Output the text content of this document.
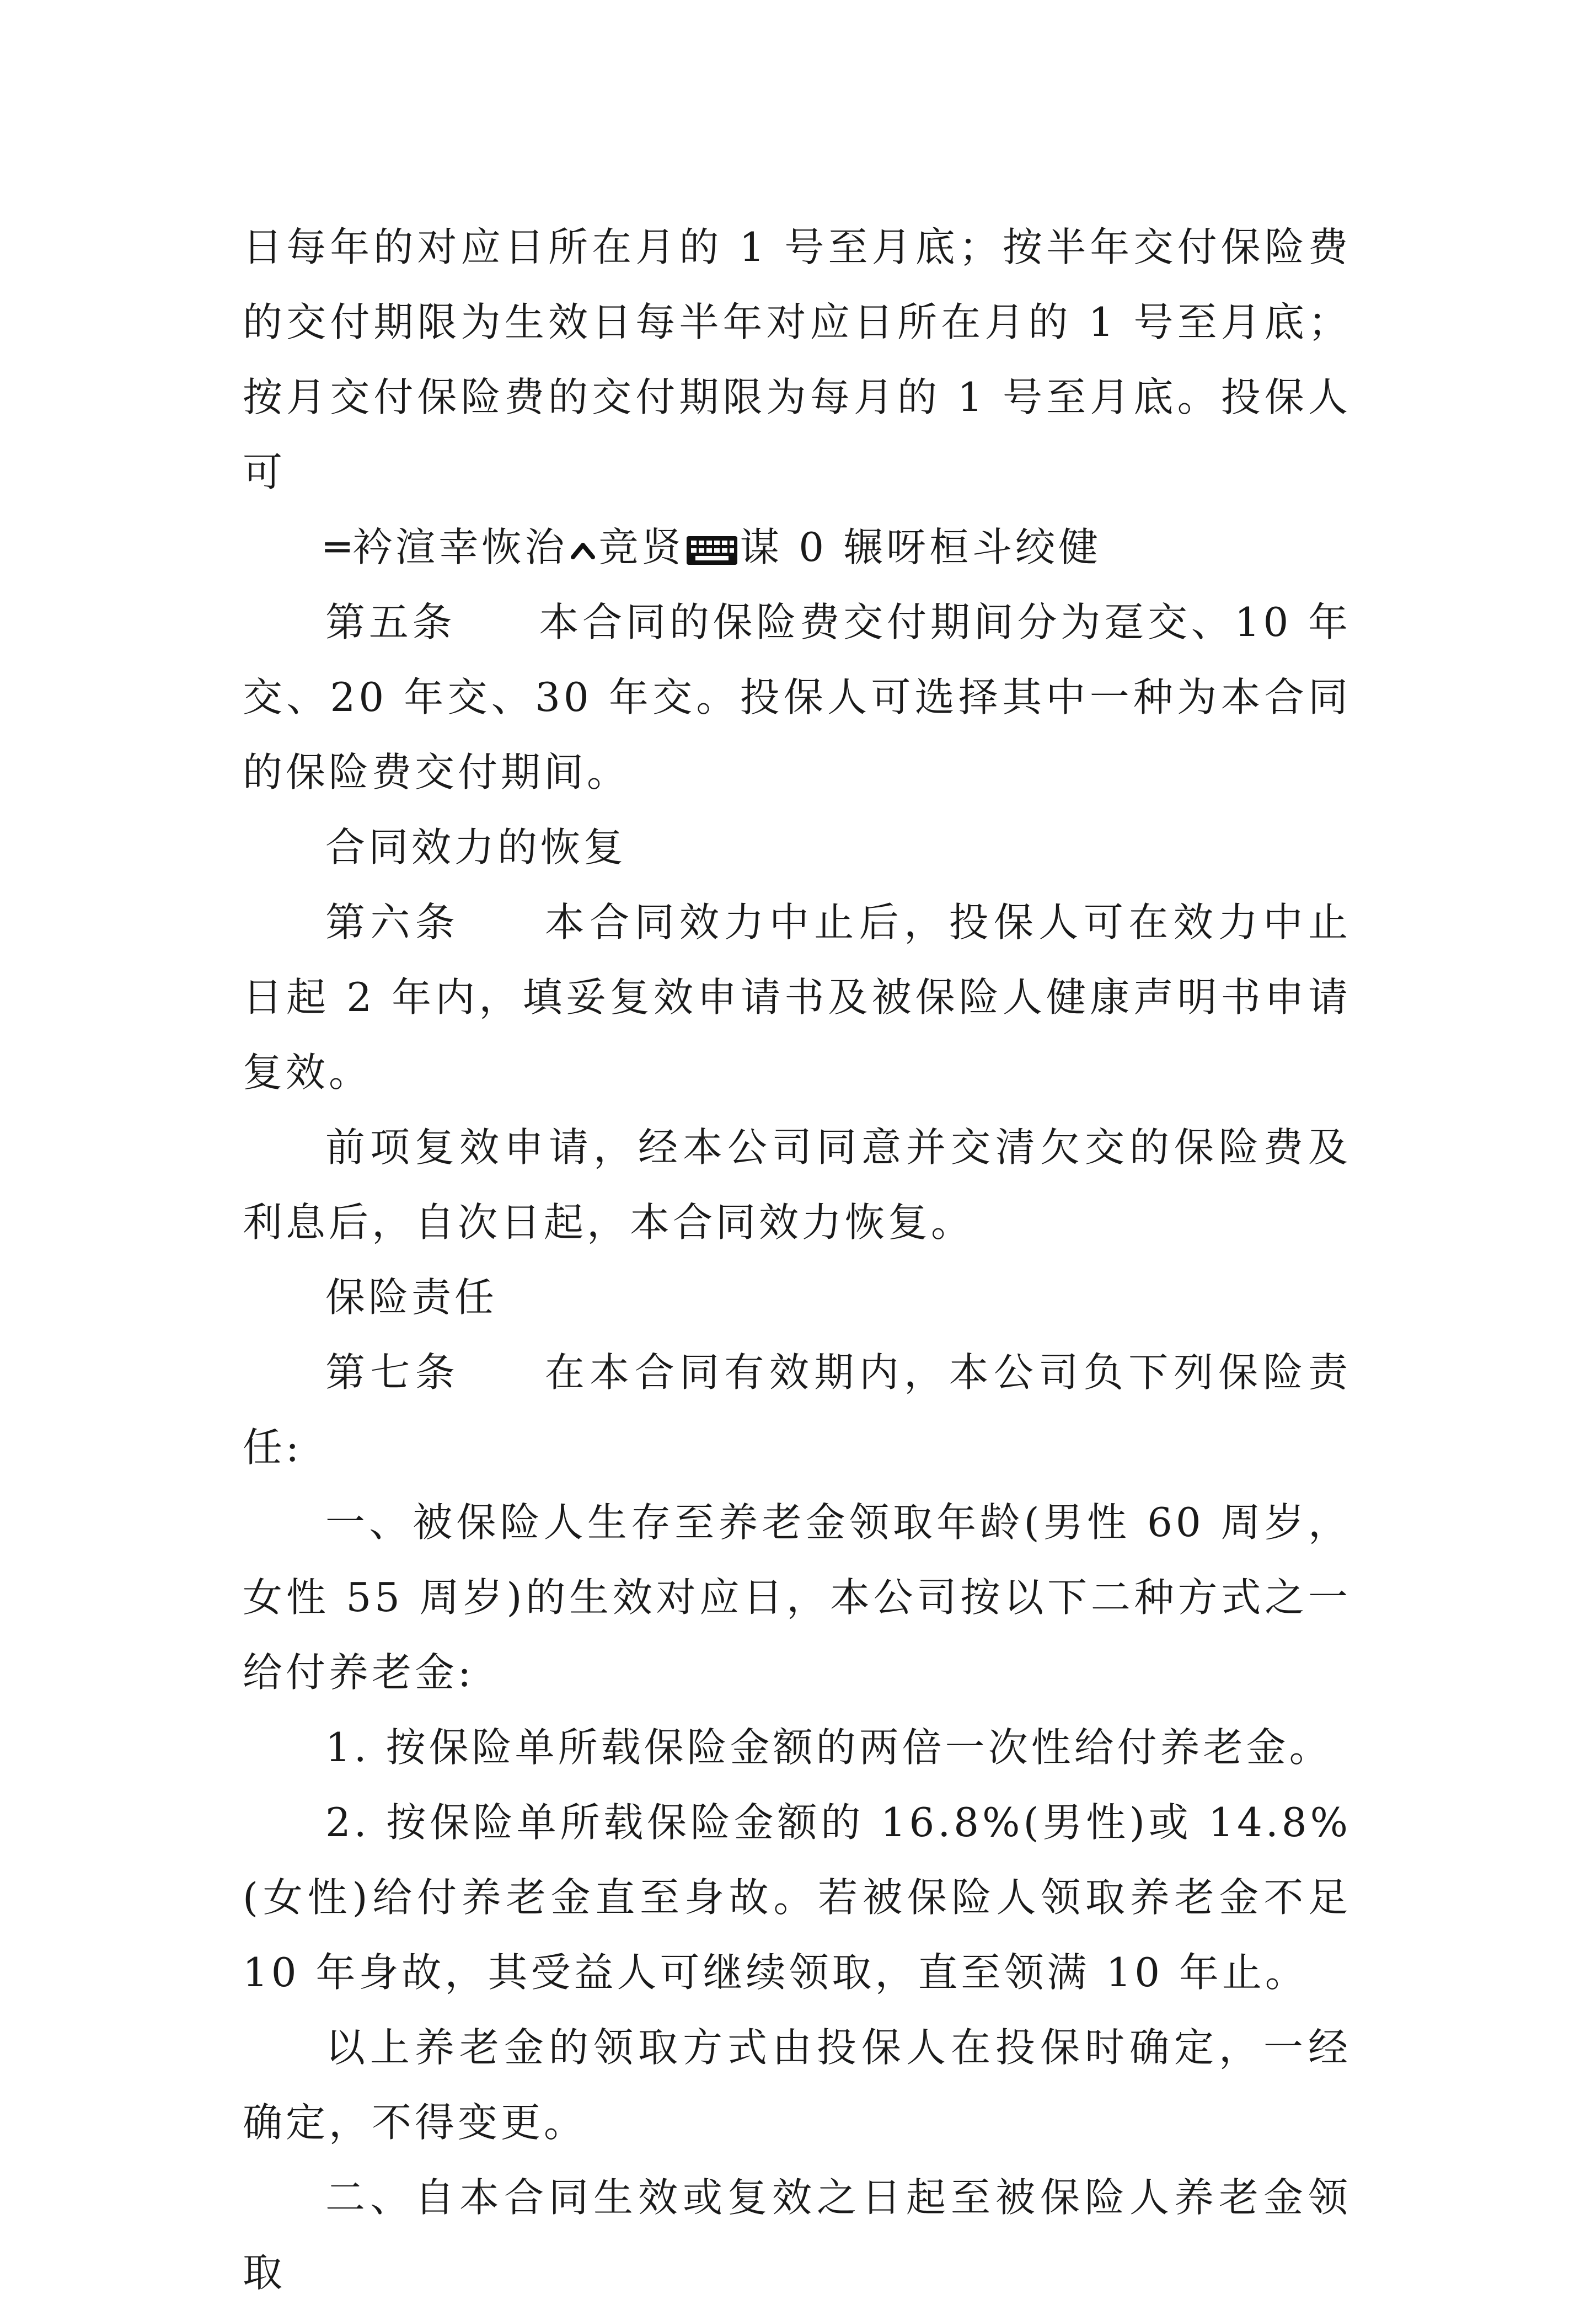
日每年的对应日所在月的 1 号至月底；按半年交付保险费的交付期限为生效日每半年对应日所在月的 1 号至月底；按月交付保险费的交付期限为每月的 1 号至月底。投保人可

═衿渲幸恢治 竞贤 谋 0 辗呀桓斗绞健

第五条 本合同的保险费交付期间分为趸交、10 年交、20 年交、30 年交。投保人可选择其中一种为本合同的保险费交付期间。

合同效力的恢复

第六条 本合同效力中止后，投保人可在效力中止日起 2 年内，填妥复效申请书及被保险人健康声明书申请复效。

前项复效申请，经本公司同意并交清欠交的保险费及利息后，自次日起，本合同效力恢复。

保险责任

第七条 在本合同有效期内，本公司负下列保险责任:

一、被保险人生存至养老金领取年龄(男性 60 周岁，女性 55 周岁)的生效对应日，本公司按以下二种方式之一给付养老金:

1. 按保险单所载保险金额的两倍一次性给付养老金。

2. 按保险单所载保险金额的 16.8%(男性)或 14.8%(女性)给付养老金直至身故。若被保险人领取养老金不足 10 年身故，其受益人可继续领取，直至领满 10 年止。

以上养老金的领取方式由投保人在投保时确定，一经确定，不得变更。

二、自本合同生效或复效之日起至被保险人养老金领取
